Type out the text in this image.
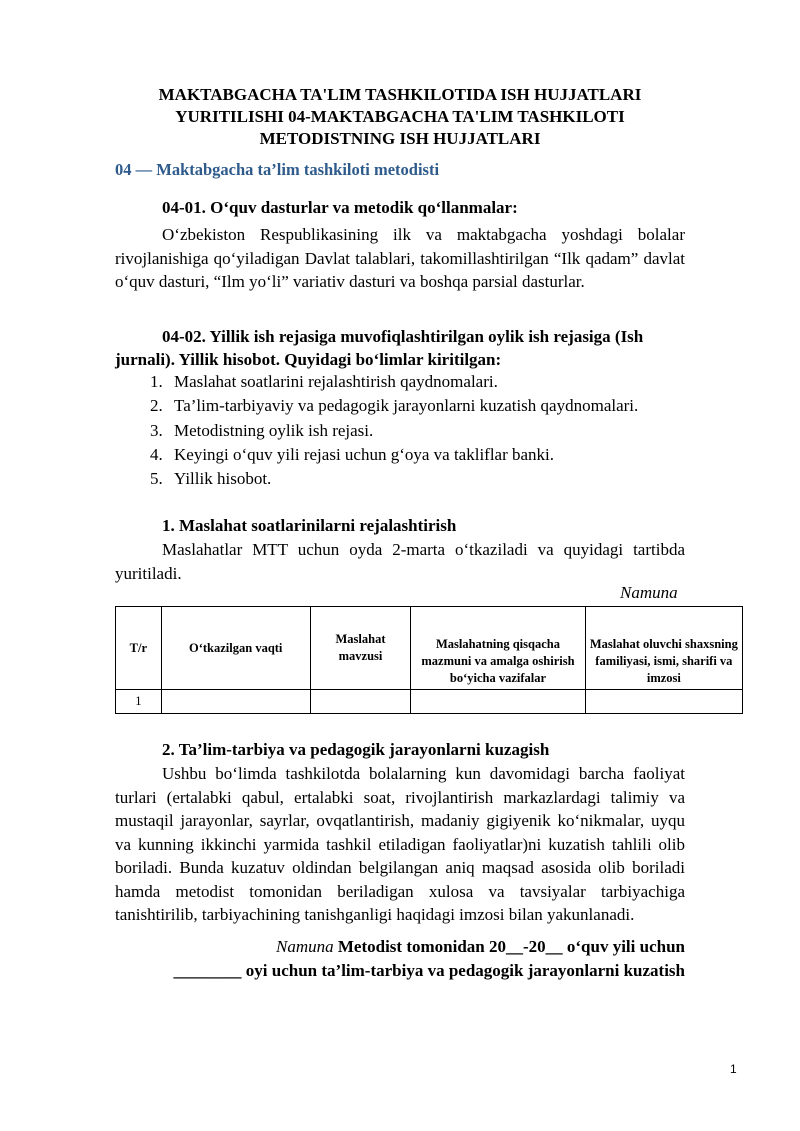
MAKTABGACHA TA'LIM TASHKILOTIDA ISH HUJJATLARI
YURITILISHI 04-MAKTABGACHA TA'LIM TASHKILOTI
METODISTNING ISH HUJJATLARI
04 — Maktabgacha ta’lim tashkiloti metodisti
04-01. O‘quv dasturlar va metodik qo‘llanmalar:
O‘zbekiston Respublikasining ilk va maktabgacha yoshdagi bolalar rivojlanishiga qo‘yiladigan Davlat talablari, takomillashtirilgan “Ilk qadam” davlat o‘quv dasturi, “Ilm yo‘li” variativ dasturi va boshqa parsial dasturlar.
04-02. Yillik ish rejasiga muvofiqlashtirilgan oylik ish rejasiga (Ish
jurnali). Yillik hisobot. Quyidagi bo‘limlar kiritilgan:
1. Maslahat soatlarini rejalashtirish qaydnomalari.
2. Ta’lim-tarbiyaviy va pedagogik jarayonlarni kuzatish qaydnomalari.
3. Metodistning oylik ish rejasi.
4. Keyingi o‘quv yili rejasi uchun g‘oya va takliflar banki.
5. Yillik hisobot.
1. Maslahat soatlarinilarni rejalashtirish
Maslahatlar MTT uchun oyda 2-marta o‘tkaziladi va quyidagi tartibda yuritiladi.
Namuna
T/r	O‘tkazilgan vaqti	Maslahat mavzusi	Maslahatning qisqacha mazmuni va amalga oshirish bo‘yicha vazifalar	Maslahat oluvchi shaxsning familiyasi, ismi, sharifi va imzosi
1				
2. Ta’lim-tarbiya va pedagogik jarayonlarni kuzagish
Ushbu bo‘limda tashkilotda bolalarning kun davomidagi barcha faoliyat turlari (ertalabki qabul, ertalabki soat, rivojlantirish markazlardagi talimiy va mustaqil jarayonlar, sayrlar, ovqatlantirish, madaniy gigiyenik ko‘nikmalar, uyqu va kunning ikkinchi yarmida tashkil etiladigan faoliyatlar)ni kuzatish tahlili olib boriladi. Bunda kuzatuv oldindan belgilangan aniq maqsad asosida olib boriladi hamda metodist tomonidan beriladigan xulosa va tavsiyalar tarbiyachiga tanishtirilib, tarbiyachining tanishganligi haqidagi imzosi bilan yakunlanadi.
Namuna Metodist tomonidan 20__-20__ o‘quv yili uchun
________ oyi uchun ta’lim-tarbiya va pedagogik jarayonlarni kuzatish
1
